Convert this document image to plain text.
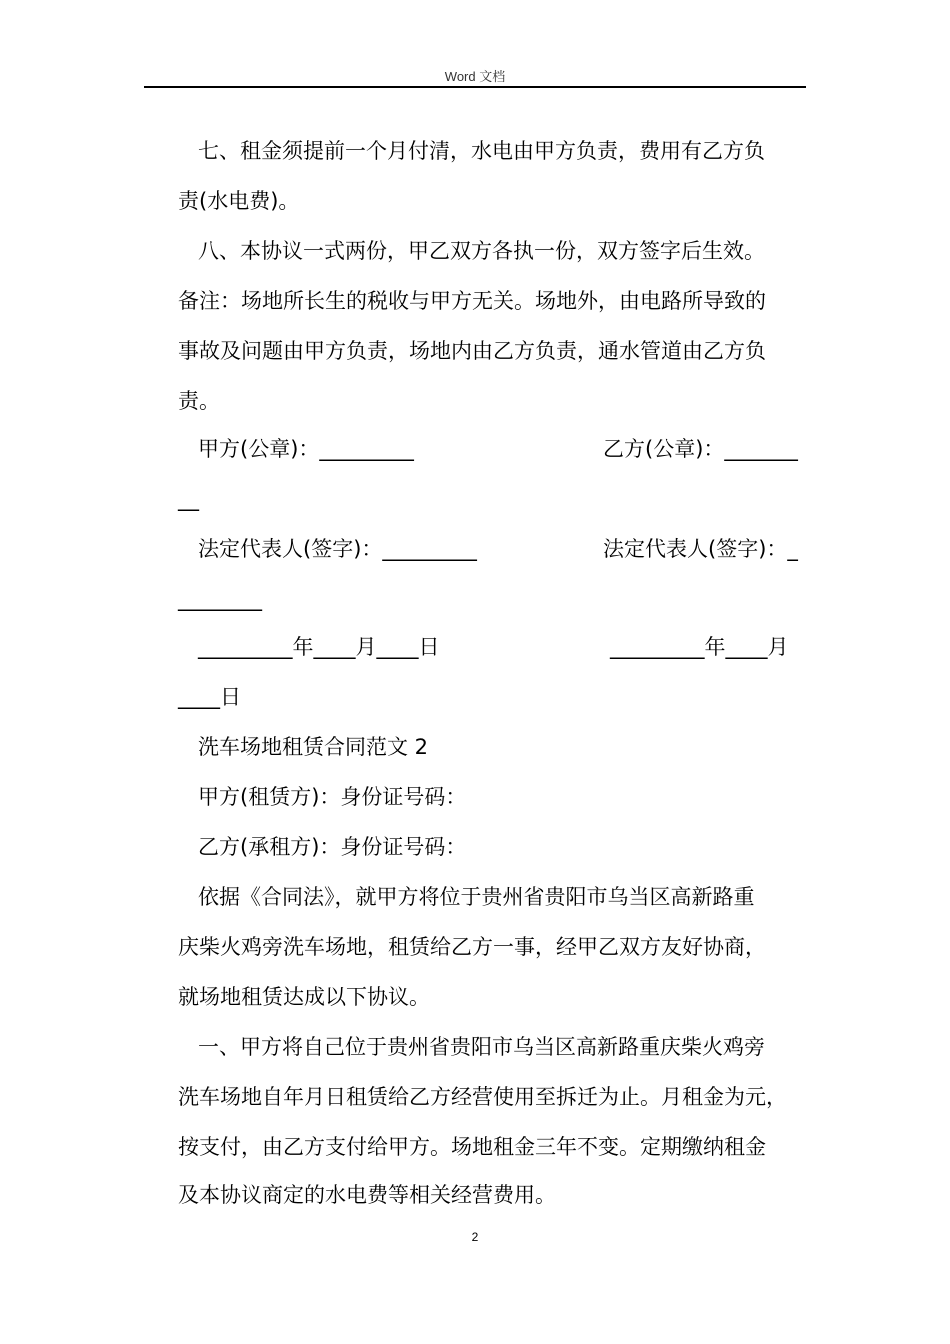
Word 文档
七、租金须提前一个月付清，水电由甲方负责，费用有乙方负
责(水电费)。
八、本协议一式两份，甲乙双方各执一份，双方签字后生效。
备注：场地所长生的税收与甲方无关。场地外，由电路所导致的
事故及问题由甲方负责，场地内由乙方负责，通水管道由乙方负
责。
甲方(公章)：_________	乙方(公章)：_______
__
法定代表人(签字)：_________	法定代表人(签字)：_
________
_________年____月____日	_________年____月
____日
洗车场地租赁合同范文 2
甲方(租赁方)：身份证号码：
乙方(承租方)：身份证号码：
依据《合同法》，就甲方将位于贵州省贵阳市乌当区高新路重
庆柴火鸡旁洗车场地，租赁给乙方一事，经甲乙双方友好协商，
就场地租赁达成以下协议。
一、甲方将自己位于贵州省贵阳市乌当区高新路重庆柴火鸡旁
洗车场地自年月日租赁给乙方经营使用至拆迁为止。月租金为元，
按支付，由乙方支付给甲方。场地租金三年不变。定期缴纳租金
及本协议商定的水电费等相关经营费用。
2
